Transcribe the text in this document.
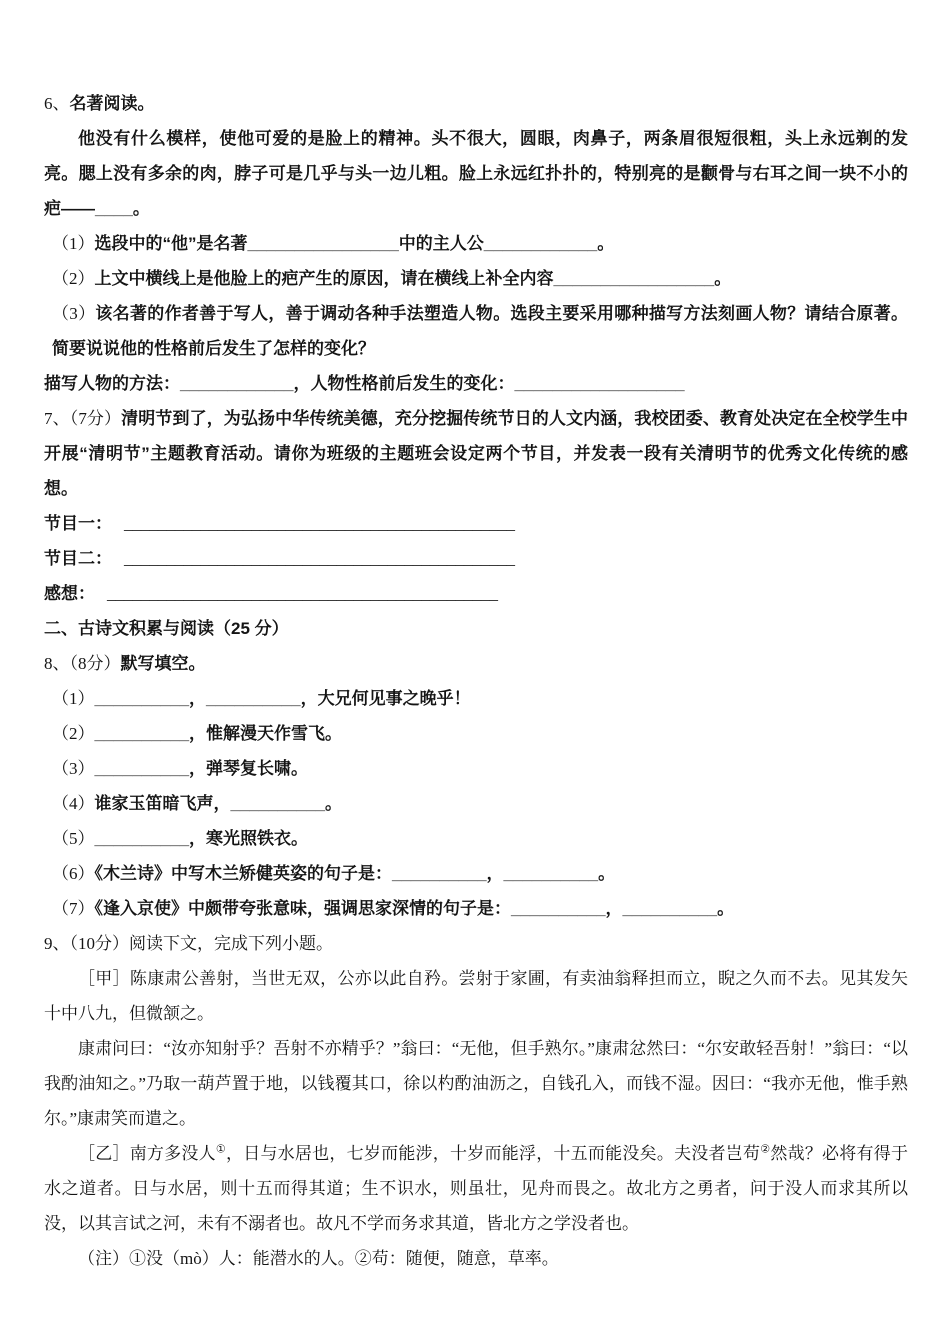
6、名著阅读。

他没有什么模样，使他可爱的是脸上的精神。头不很大，圆眼，肉鼻子，两条眉很短很粗，头上永远剃的发亮。腮上没有多余的肉，脖子可是几乎与头一边儿粗。脸上永远红扑扑的，特别亮的是颧骨与右耳之间一块不小的疤——____。

（1）选段中的“他”是名著________________中的主人公____________。

（2）上文中横线上是他脸上的疤产生的原因，请在横线上补全内容_________________。

（3）该名著的作者善于写人，善于调动各种手法塑造人物。选段主要采用哪种描写方法刻画人物？请结合原著。简要说说他的性格前后发生了怎样的变化？

描写人物的方法：____________，人物性格前后发生的变化：__________________

7、（7分）清明节到了，为弘扬中华传统美德，充分挖掘传统节日的人文内涵，我校团委、教育处决定在全校学生中开展“清明节”主题教育活动。请你为班级的主题班会设定两个节目，并发表一段有关清明节的优秀文化传统的感想。

节目一： ______________________________________________

节目二： ______________________________________________

感想： ______________________________________________

二、古诗文积累与阅读（25 分）

8、（8分）默写填空。

（1）__________，__________，大兄何见事之晚乎！

（2）__________，惟解漫天作雪飞。

（3）__________，弹琴复长啸。

（4）谁家玉笛暗飞声，__________。

（5）__________，寒光照铁衣。

（6）《木兰诗》中写木兰矫健英姿的句子是：__________，__________。

（7）《逢入京使》中颇带夸张意味，强调思家深情的句子是：__________，__________。

9、（10分）阅读下文，完成下列小题。

［甲］陈康肃公善射，当世无双，公亦以此自矜。尝射于家圃，有卖油翁释担而立，睨之久而不去。见其发矢十中八九，但微颔之。

康肃问曰：“汝亦知射乎？吾射不亦精乎？”翁曰：“无他，但手熟尔。”康肃忿然曰：“尔安敢轻吾射！”翁曰：“以我酌油知之。”乃取一葫芦置于地，以钱覆其口，徐以杓酌油沥之，自钱孔入，而钱不湿。因曰：“我亦无他，惟手熟尔。”康肃笑而遣之。

［乙］南方多没人①，日与水居也，七岁而能涉，十岁而能浮，十五而能没矣。夫没者岂苟②然哉？必将有得于水之道者。日与水居，则十五而得其道；生不识水，则虽壮，见舟而畏之。故北方之勇者，问于没人而求其所以没，以其言试之河，未有不溺者也。故凡不学而务求其道，皆北方之学没者也。

（注）①没（mò）人：能潜水的人。②苟：随便，随意，草率。
